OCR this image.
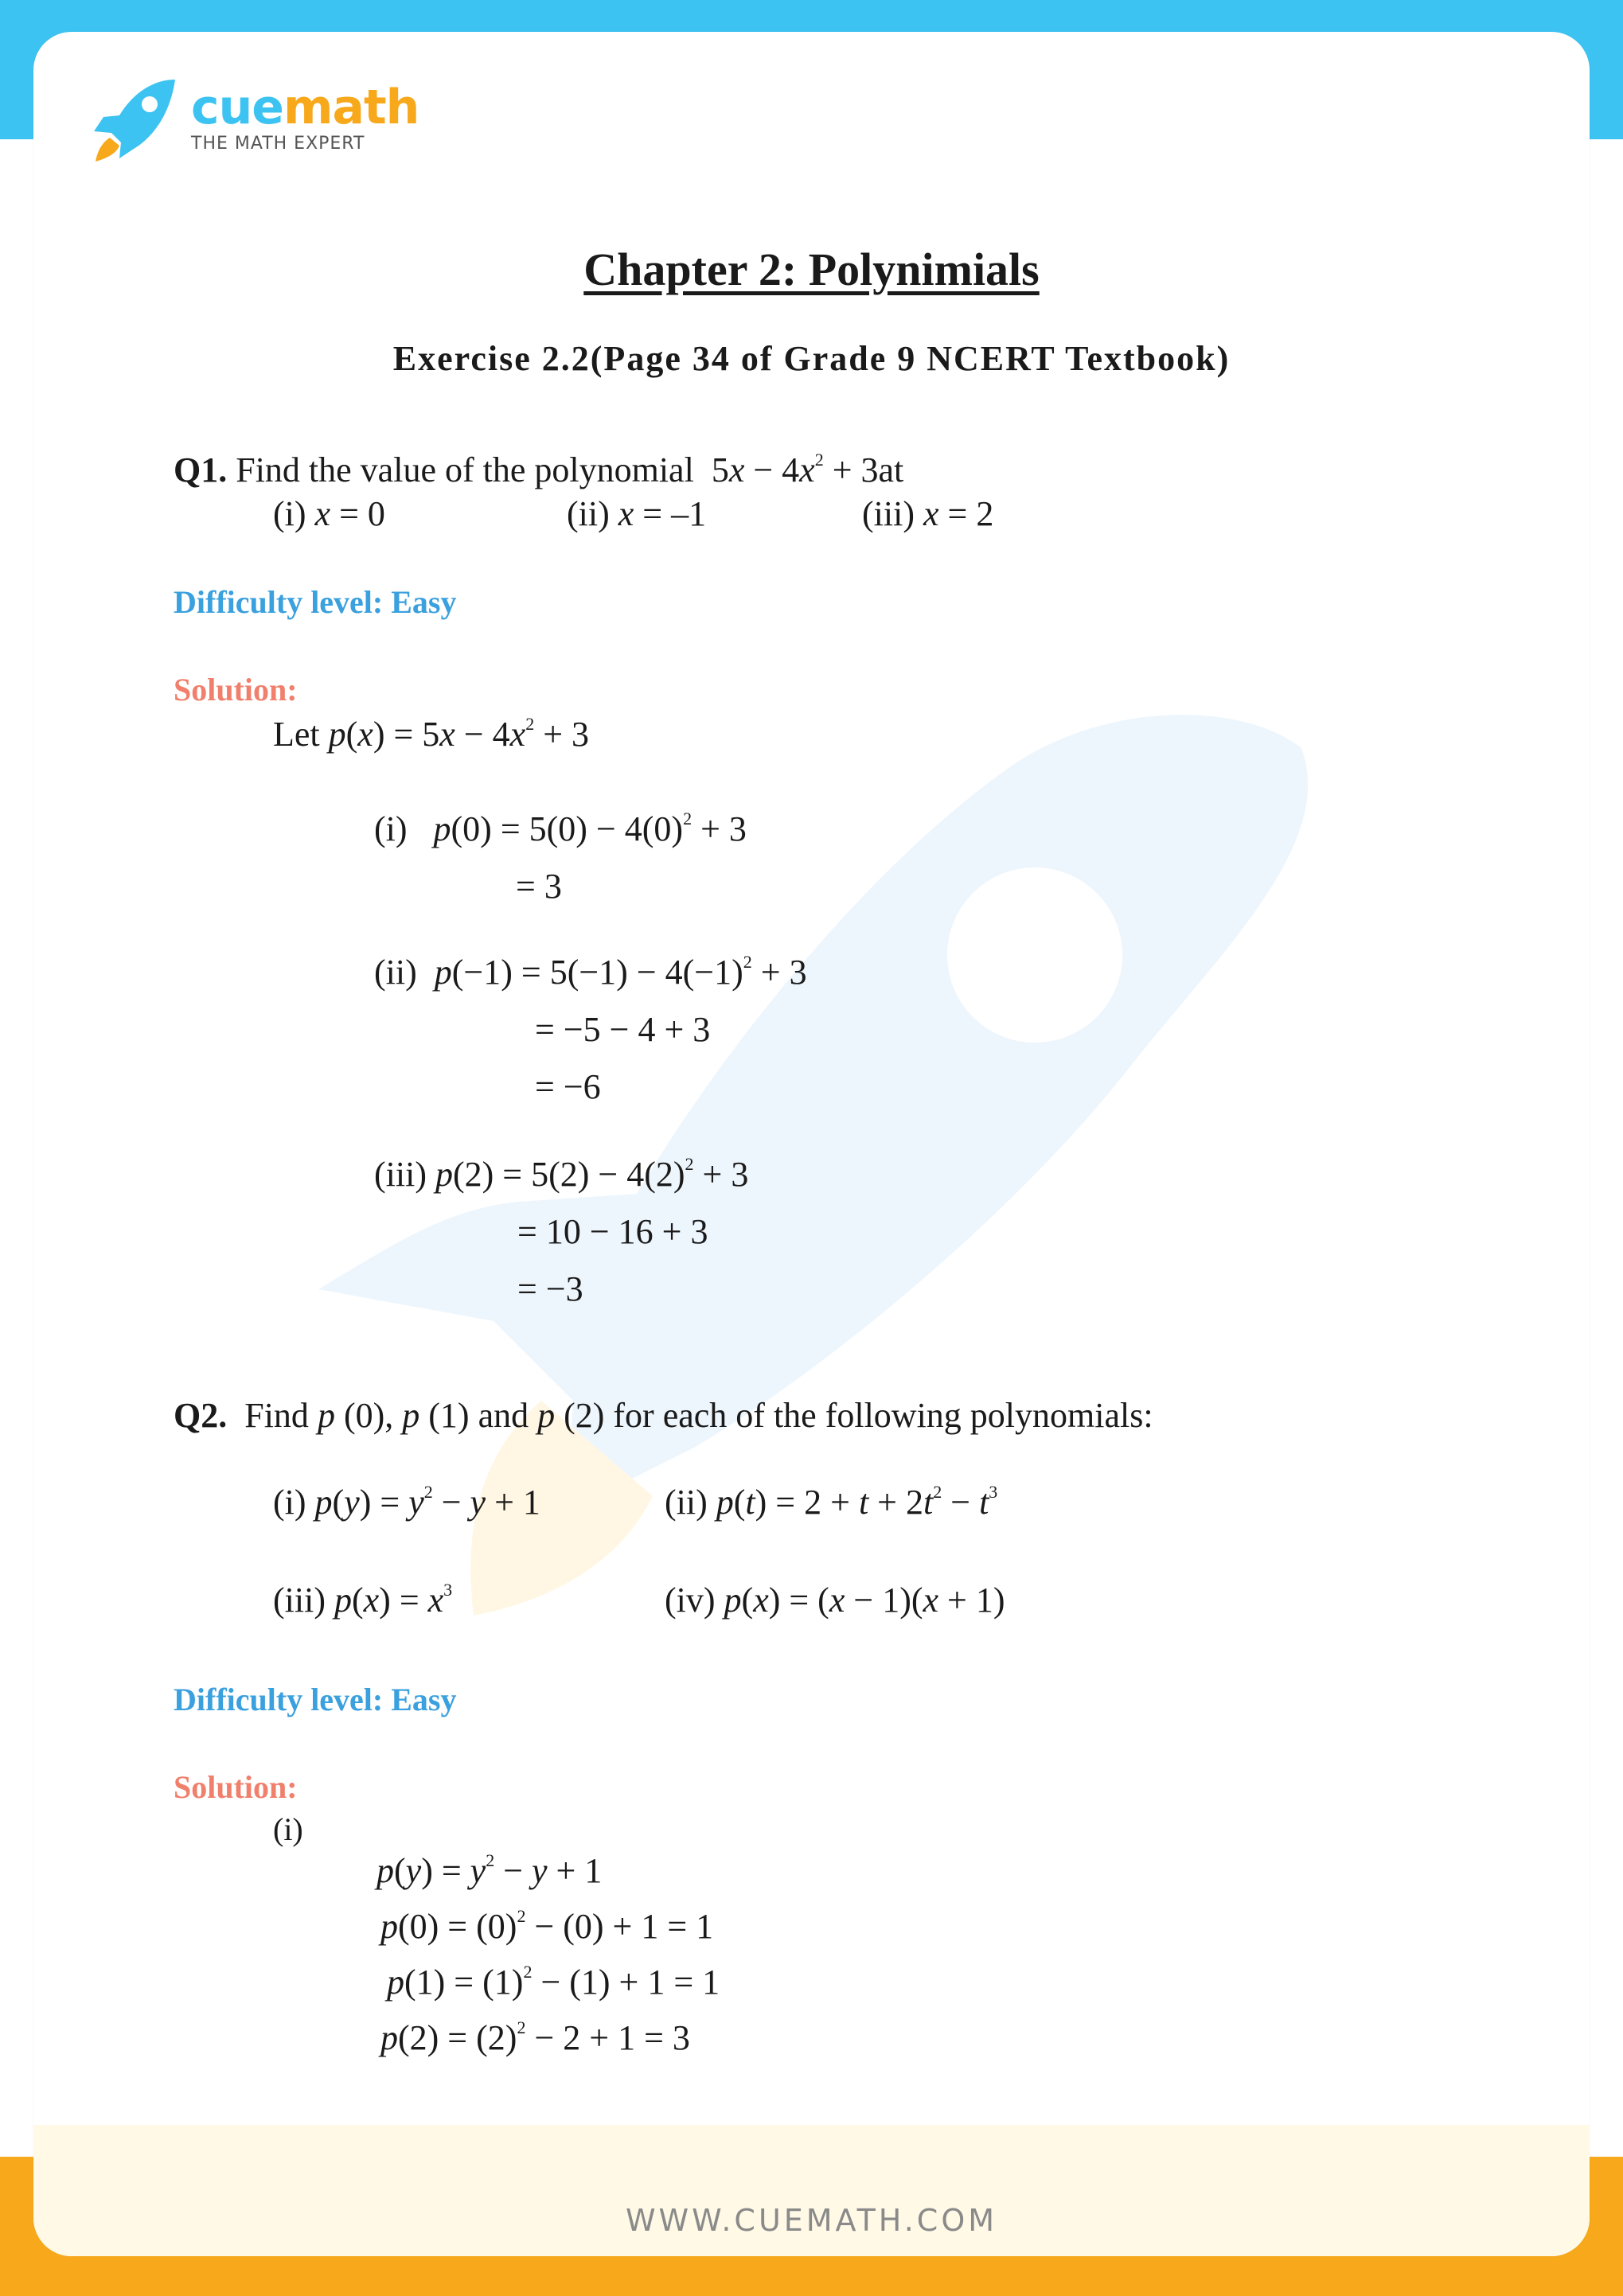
cuemath
THE MATH EXPERT
Chapter 2: Polynimials
Exercise 2.2(Page 34 of Grade 9 NCERT Textbook)
Q1. Find the value of the polynomial  $5x - 4x^2 + 3at$
(i) x = 0	(ii) x = –1	(iii) x = 2
Difficulty level: Easy
Solution:
Let $p(x) = 5x - 4x^2 + 3$
(i) $p(0) = 5(0) - 4(0)^2 + 3$
= 3
(ii) $p(-1) = 5(-1) - 4(-1)^2 + 3$
= −5 − 4 + 3
= −6
(iii) $p(2) = 5(2) - 4(2)^2 + 3$
= 10 − 16 + 3
= −3
Q2. Find p (0), p (1) and p (2) for each of the following polynomials:
(i) $p(y) = y^2 - y + 1$	(ii) $p(t) = 2 + t + 2t^2 - t^3$
(iii) $p(x) = x^3$	(iv) p(x) = (x − 1)(x + 1)
Difficulty level: Easy
Solution:
(i)
$p(y) = y^2 - y + 1$
$p(0) = (0)^2 - (0) + 1 = 1$
$p(1) = (1)^2 - (1) + 1 = 1$
$p(2) = (2)^2 - 2 + 1 = 3$
WWW.CUEMATH.COM
